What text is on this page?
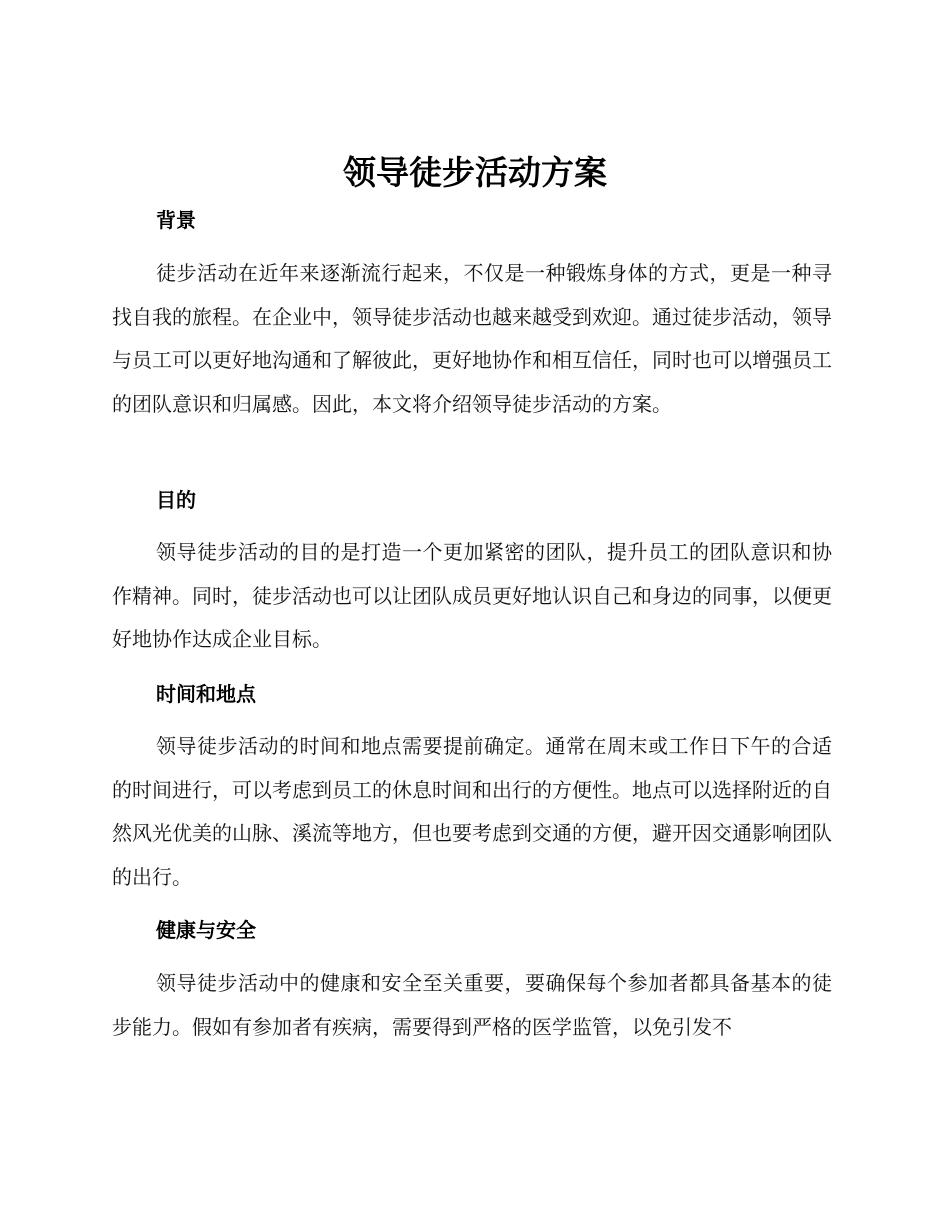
领导徒步活动方案
背景
徒步活动在近年来逐渐流行起来，不仅是一种锻炼身体的方式，更是一种寻找自我的旅程。在企业中，领导徒步活动也越来越受到欢迎。通过徒步活动，领导与员工可以更好地沟通和了解彼此，更好地协作和相互信任，同时也可以增强员工的团队意识和归属感。因此，本文将介绍领导徒步活动的方案。
目的
领导徒步活动的目的是打造一个更加紧密的团队，提升员工的团队意识和协作精神。同时，徒步活动也可以让团队成员更好地认识自己和身边的同事，以便更好地协作达成企业目标。
时间和地点
领导徒步活动的时间和地点需要提前确定。通常在周末或工作日下午的合适的时间进行，可以考虑到员工的休息时间和出行的方便性。地点可以选择附近的自然风光优美的山脉、溪流等地方，但也要考虑到交通的方便，避开因交通影响团队的出行。
健康与安全
领导徒步活动中的健康和安全至关重要，要确保每个参加者都具备基本的徒步能力。假如有参加者有疾病，需要得到严格的医学监管，以免引发不
